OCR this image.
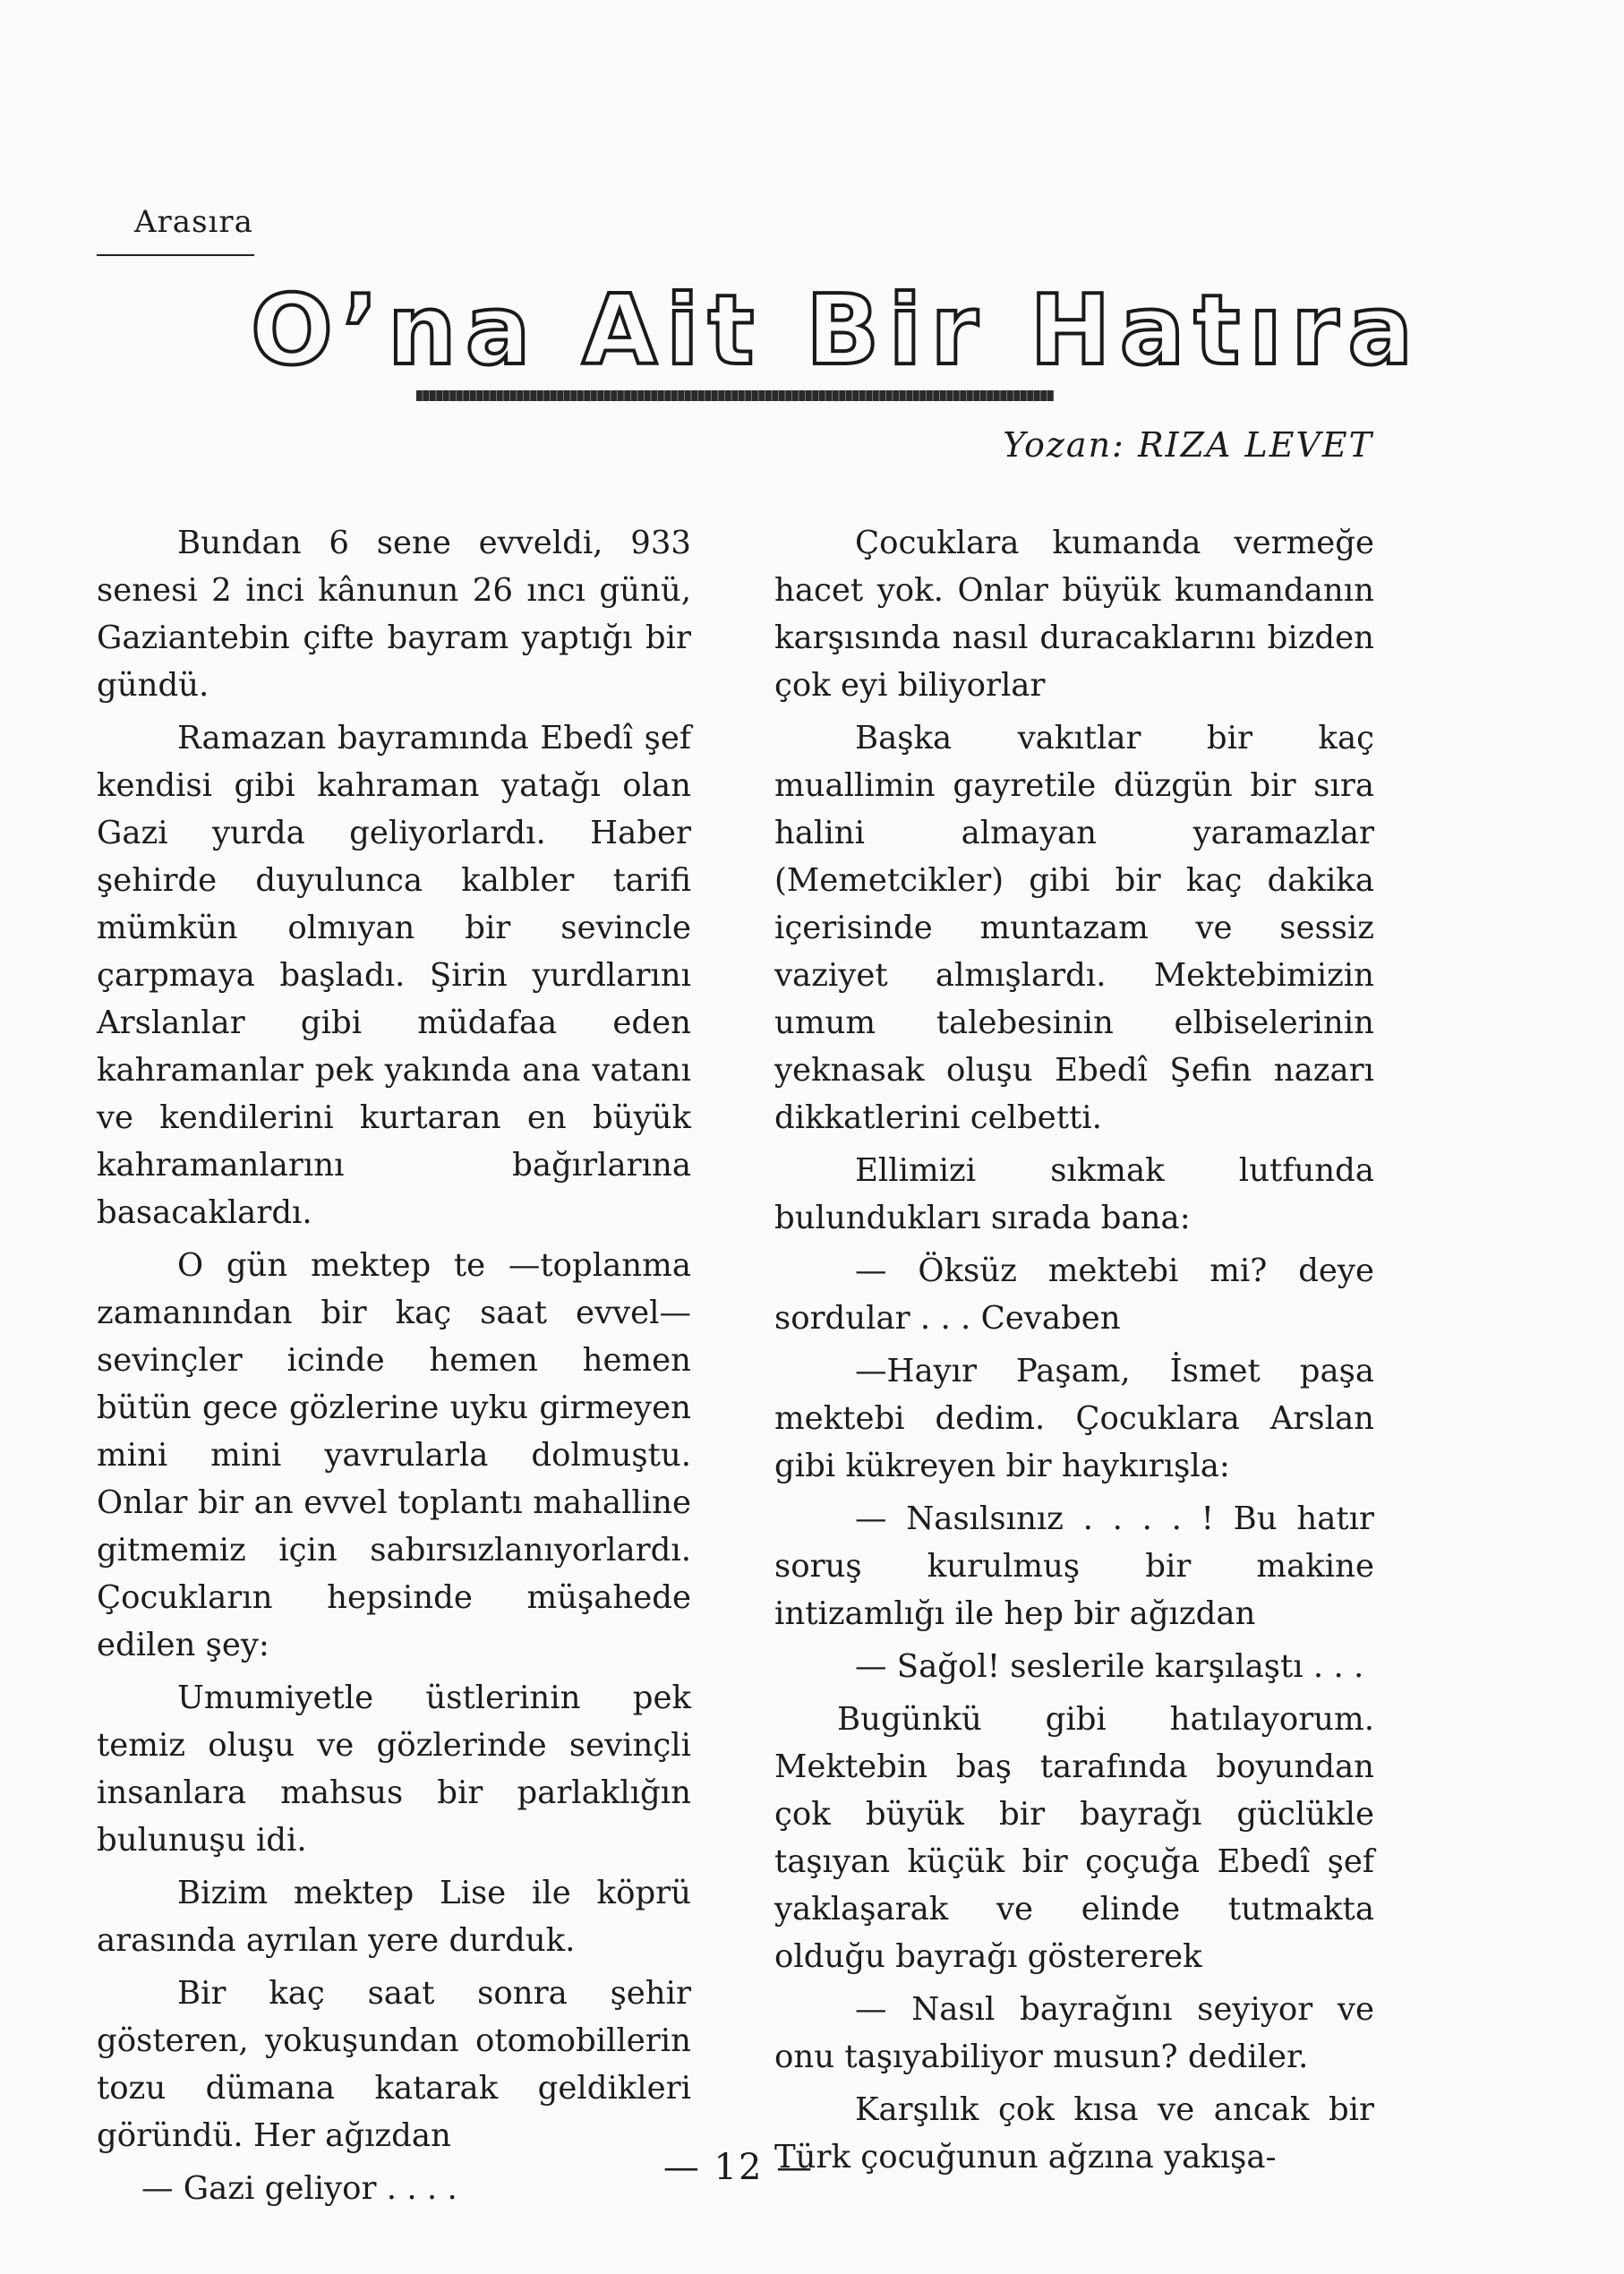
Arasıra
O’na Ait Bir Hatıra
Yozan: RIZA LEVET

Bundan 6 sene evveldi, 933 senesi 2 inci kânunun 26 ıncı günü, Gaziantebin çifte bayram yaptığı bir gündü.

Ramazan bayramında Ebedî şef kendisi gibi kahraman yatağı olan Gazi yurda geliyorlardı. Haber şehirde duyulunca kalbler tarifi mümkün olmıyan bir sevincle çarpmaya başladı. Şirin yurdlarını Arslanlar gibi müdafaa eden kahramanlar pek yakında ana vatanı ve kendilerini kurtaran en büyük kahramanlarını bağırlarına basacaklardı.

O gün mektep te —toplanma zamanından bir kaç saat evvel— sevinçler icinde hemen hemen bütün gece gözlerine uyku girmeyen mini mini yavrularla dolmuştu. Onlar bir an evvel toplantı mahalline gitmemiz için sabırsızlanıyorlardı. Çocukların hepsinde müşahede edilen şey:

Umumiyetle üstlerinin pek temiz oluşu ve gözlerinde sevinçli insanlara mahsus bir parlaklığın bulunuşu idi.

Bizim mektep Lise ile köprü arasında ayrılan yere durduk.

Bir kaç saat sonra şehir gösteren, yokuşundan otomobillerin tozu dümana katarak geldikleri göründü. Her ağızdan

— Gazi geliyor . . . .

Çocuklara kumanda vermeğe hacet yok. Onlar büyük kumandanın karşısında nasıl duracaklarını bizden çok eyi biliyorlar

Başka vakıtlar bir kaç muallimin gayretile düzgün bir sıra halini almayan yaramazlar (Memetcikler) gibi bir kaç dakika içerisinde muntazam ve sessiz vaziyet almışlardı. Mektebimizin umum talebesinin elbiselerinin yeknasak oluşu Ebedî Şefin nazarı dikkatlerini celbetti.

Ellimizi sıkmak lutfunda bulundukları sırada bana:

— Öksüz mektebi mi? deye sordular . . . Cevaben

—Hayır Paşam, İsmet paşa mektebi dedim. Çocuklara Arslan gibi kükreyen bir haykırışla:

— Nasılsınız . . . . ! Bu hatır soruş kurulmuş bir makine intizamlığı ile hep bir ağızdan

— Sağol! seslerile karşılaştı . . .

Bugünkü gibi hatılayorum. Mektebin baş tarafında boyundan çok büyük bir bayrağı güclükle taşıyan küçük bir çoçuğa Ebedî şef yaklaşarak ve elinde tutmakta olduğu bayrağı göstererek

— Nasıl bayrağını seyiyor ve onu taşıyabiliyor musun? dediler.

Karşılık çok kısa ve ancak bir Türk çocuğunun ağzına yakışa-

— 12 —
